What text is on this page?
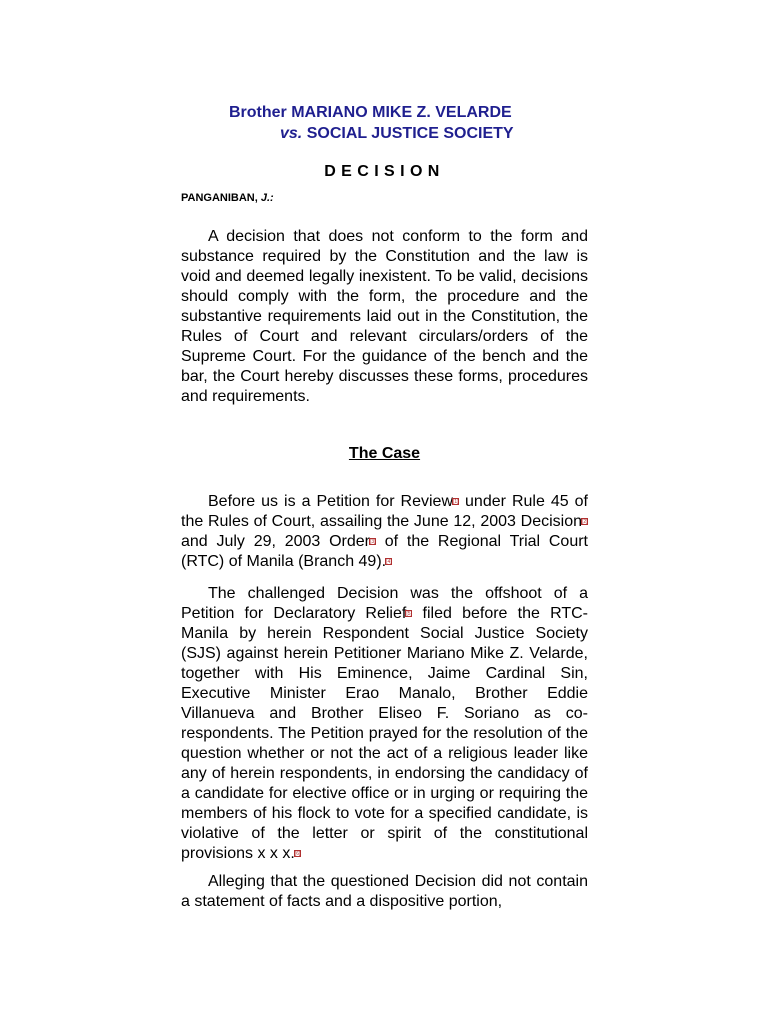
Brother MARIANO MIKE Z. VELARDE
vs. SOCIAL JUSTICE SOCIETY
DECISION
PANGANIBAN, J.:

A decision that does not conform to the form and substance required by the Constitution and the law is void and deemed legally inexistent. To be valid, decisions should comply with the form, the procedure and the substantive requirements laid out in the Constitution, the Rules of Court and relevant circulars/orders of the Supreme Court. For the guidance of the bench and the bar, the Court hereby discusses these forms, procedures and requirements.

The Case

Before us is a Petition for Review[1] under Rule 45 of the Rules of Court, assailing the June 12, 2003 Decision[2] and July 29, 2003 Order[3] of the Regional Trial Court (RTC) of Manila (Branch 49).[4]

The challenged Decision was the offshoot of a Petition for Declaratory Relief[5] filed before the RTC-Manila by herein Respondent Social Justice Society (SJS) against herein Petitioner Mariano Mike Z. Velarde, together with His Eminence, Jaime Cardinal Sin, Executive Minister Erao Manalo, Brother Eddie Villanueva and Brother Eliseo F. Soriano as co-respondents. The Petition prayed for the resolution of the question whether or not the act of a religious leader like any of herein respondents, in endorsing the candidacy of a candidate for elective office or in urging or requiring the members of his flock to vote for a specified candidate, is violative of the letter or spirit of the constitutional provisions x x x.[6]

Alleging that the questioned Decision did not contain a statement of facts and a dispositive portion,
